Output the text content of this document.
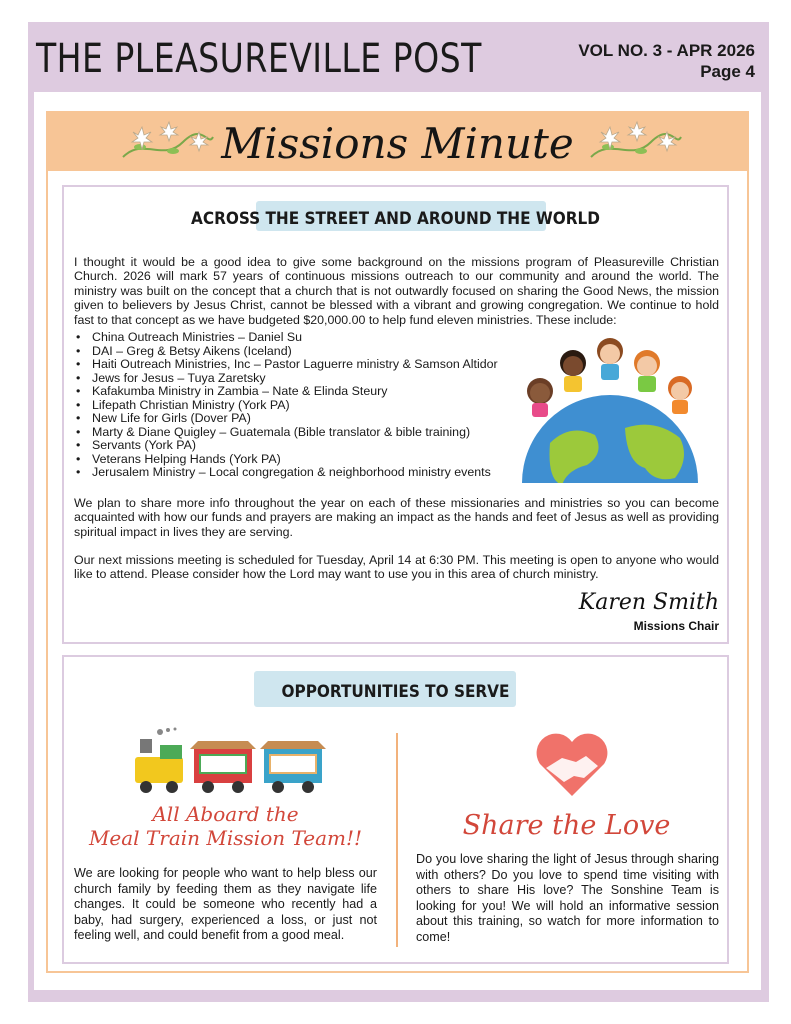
THE PLEASUREVILLE POST	VOL NO. 3 - APR 2026
Page 4
Missions Minute
ACROSS THE STREET AND AROUND THE WORLD
I thought it would be a good idea to give some background on the missions program of Pleasureville Christian Church. 2026 will mark 57 years of continuous missions outreach to our community and around the world. The ministry was built on the concept that a church that is not outwardly focused on sharing the Good News, the mission given to believers by Jesus Christ, cannot be blessed with a vibrant and growing congregation. We continue to hold fast to that concept as we have budgeted $20,000.00 to help fund eleven ministries. These include:
• China Outreach Ministries – Daniel Su
• DAI – Greg & Betsy Aikens (Iceland)
• Haiti Outreach Ministries, Inc – Pastor Laguerre ministry & Samson Altidor
• Jews for Jesus – Tuya Zaretsky
• Kafakumba Ministry in Zambia – Nate & Elinda Steury
• Lifepath Christian Ministry (York PA)
• New Life for Girls (Dover PA)
• Marty & Diane Quigley – Guatemala (Bible translator & bible training)
• Servants (York PA)
• Veterans Helping Hands (York PA)
• Jerusalem Ministry – Local congregation & neighborhood ministry events
We plan to share more info throughout the year on each of these missionaries and ministries so you can become acquainted with how our funds and prayers are making an impact as the hands and feet of Jesus as well as providing spiritual impact in lives they are serving.
Our next missions meeting is scheduled for Tuesday, April 14 at 6:30 PM. This meeting is open to anyone who would like to attend. Please consider how the Lord may want to use you in this area of church ministry.
Karen Smith
Missions Chair
OPPORTUNITIES TO SERVE
All Aboard the
Meal Train Mission Team!!
We are looking for people who want to help bless our church family by feeding them as they navigate life changes. It could be someone who recently had a baby, had surgery, experienced a loss, or just not feeling well, and could benefit from a good meal.
Share the Love
Do you love sharing the light of Jesus through sharing with others? Do you love to spend time visiting with others to share His love? The Sonshine Team is looking for you! We will hold an informative session about this training, so watch for more information to come!
